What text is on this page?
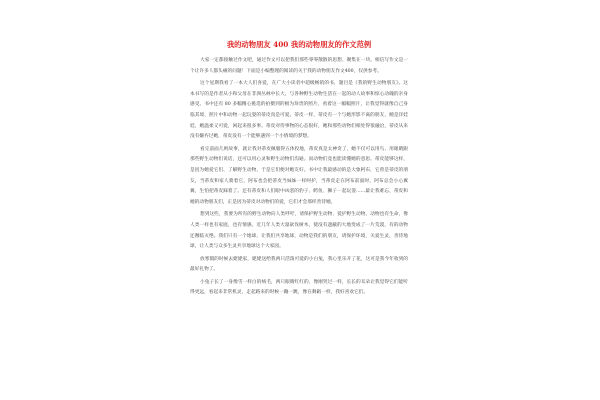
我的动物朋友 400 我的动物朋友的作文范例

大家一定都接触过作文吧，通过作文可以把我们那些零零散散的思想、聚集在一块。相信写作文是一个让许多人都头痛的问题！下面是小编整理的阅读的关于我的动物朋友作文400，仅供参考。

这个星期我看了一本大人们喜爱，在广大小读者中超级畅销的书，题目是《我的野生动物朋友》。这本书写的是作者从小和父母在非洲丛林中长大，与各种野生动物生活在一起的动人故事和惊心动魄的亲身感受。书中还有 80 多幅精心挑选的拍摄到的极为珍贵的照片，看着这一幅幅照片，让我觉得就像自己身临其境，照片中和动物一起玩耍的蒂皮真是可爱。蒂皮一样，蒂皮有一个与她形影不离的朋友，她是洋娃娃，她温柔又可爱，闲起来很多事。蒂皮对待事物的心态很好，她和那些动物们相处得很融洽，蒂皮从来没有嫌弃过她，蒂皮没有一个能够遇到一个小情境的梦想。

看完前面几则故事，就让我对蒂皮佩服得五体投地，蒂皮真是太神奇了，她不仅可以用鸟、用眼睛跟那些野生动物们说话，还可以用心灵和野生动物们沟通。而动物们竟也能读懂她的意思。蒂皮能够这样，是因为她爱它们、了解野生动物，于是它们便对她友好。书中让我最感动的是大象阿布，它曾是蒂皮的朋友，当蒂皮和家人骑着它，阿布也会把蒂皮当妹妹一样呵护，当蒂皮走在阿布前面时，阿布总会小心翼翼，生怕把蒂皮踩着了。还有蒂皮和人们眼中凶恶的豹子、鳄鱼、狮子一起玩耍……最让我难忘，蒂皮和她的动物朋友们，正是因为蒂皮对动物们的爱，它们才会那样善待她。

想到这些，我要为所有的野生动物向人类呼吁，请保护野生动物、爱护野生动物。动物也有生命，像人类一样也有家庭，也有情感。近几年人类大量砍伐树木，使没有遮蔽的大地变成了一片荒漠，有的动物还濒临灭绝。我们只有一个地球，让我们共享地球，动物是我们的朋友，请保护环境，关爱生灵，善待地球，让人类与众多生灵共享地球这个大家园。

放寒假的时候去姥姥家，姥姥送给我两只活泼可爱的小白兔，我心里乐开了花，这可是我今年收到的最好礼物了。

小兔子长了一身像雪一样白的绒毛，两只眼睛红红的，像刚哭过一样，长长的耳朵让我觉得它们能听得更远，看起来非常机灵，走起路来的时候一蹦一跳，像在舞蹈一样，我好喜欢它们。
